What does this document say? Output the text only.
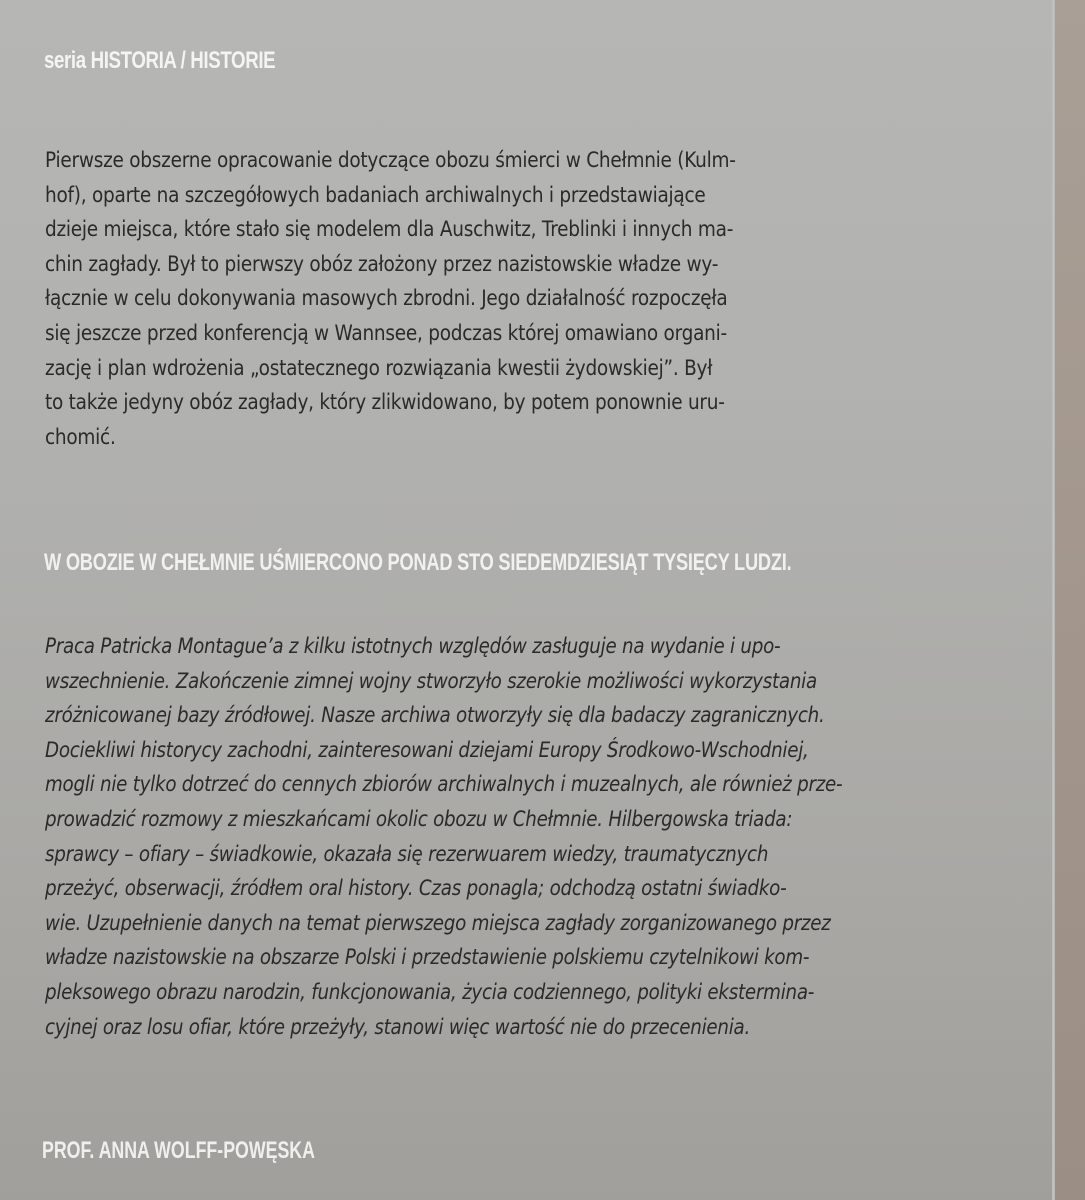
seria HISTORIA / HISTORIE
Pierwsze obszerne opracowanie dotyczące obozu śmierci w Chełmnie (Kulm-
hof), oparte na szczegółowych badaniach archiwalnych i przedstawiające
dzieje miejsca, które stało się modelem dla Auschwitz, Treblinki i innych ma-
chin zagłady. Był to pierwszy obóz założony przez nazistowskie władze wy-
łącznie w celu dokonywania masowych zbrodni. Jego działalność rozpoczęła
się jeszcze przed konferencją w Wannsee, podczas której omawiano organi-
zację i plan wdrożenia „ostatecznego rozwiązania kwestii żydowskiej”. Był
to także jedyny obóz zagłady, który zlikwidowano, by potem ponownie uru-
chomić.
W OBOZIE W CHEŁMNIE UŚMIERCONO PONAD STO SIEDEMDZIESIĄT TYSIĘCY LUDZI.
Praca Patricka Montague’a z kilku istotnych względów zasługuje na wydanie i upo-
wszechnienie. Zakończenie zimnej wojny stworzyło szerokie możliwości wykorzystania
zróżnicowanej bazy źródłowej. Nasze archiwa otworzyły się dla badaczy zagranicznych.
Dociekliwi historycy zachodni, zainteresowani dziejami Europy Środkowo-Wschodniej,
mogli nie tylko dotrzeć do cennych zbiorów archiwalnych i muzealnych, ale również prze-
prowadzić rozmowy z mieszkańcami okolic obozu w Chełmnie. Hilbergowska triada:
sprawcy – ofiary – świadkowie, okazała się rezerwuarem wiedzy, traumatycznych
przeżyć, obserwacji, źródłem oral history. Czas ponagla; odchodzą ostatni świadko-
wie. Uzupełnienie danych na temat pierwszego miejsca zagłady zorganizowanego przez
władze nazistowskie na obszarze Polski i przedstawienie polskiemu czytelnikowi kom-
pleksowego obrazu narodzin, funkcjonowania, życia codziennego, polityki ekstermina-
cyjnej oraz losu ofiar, które przeżyły, stanowi więc wartość nie do przecenienia.
PROF. ANNA WOLFF-POWĘSKA
